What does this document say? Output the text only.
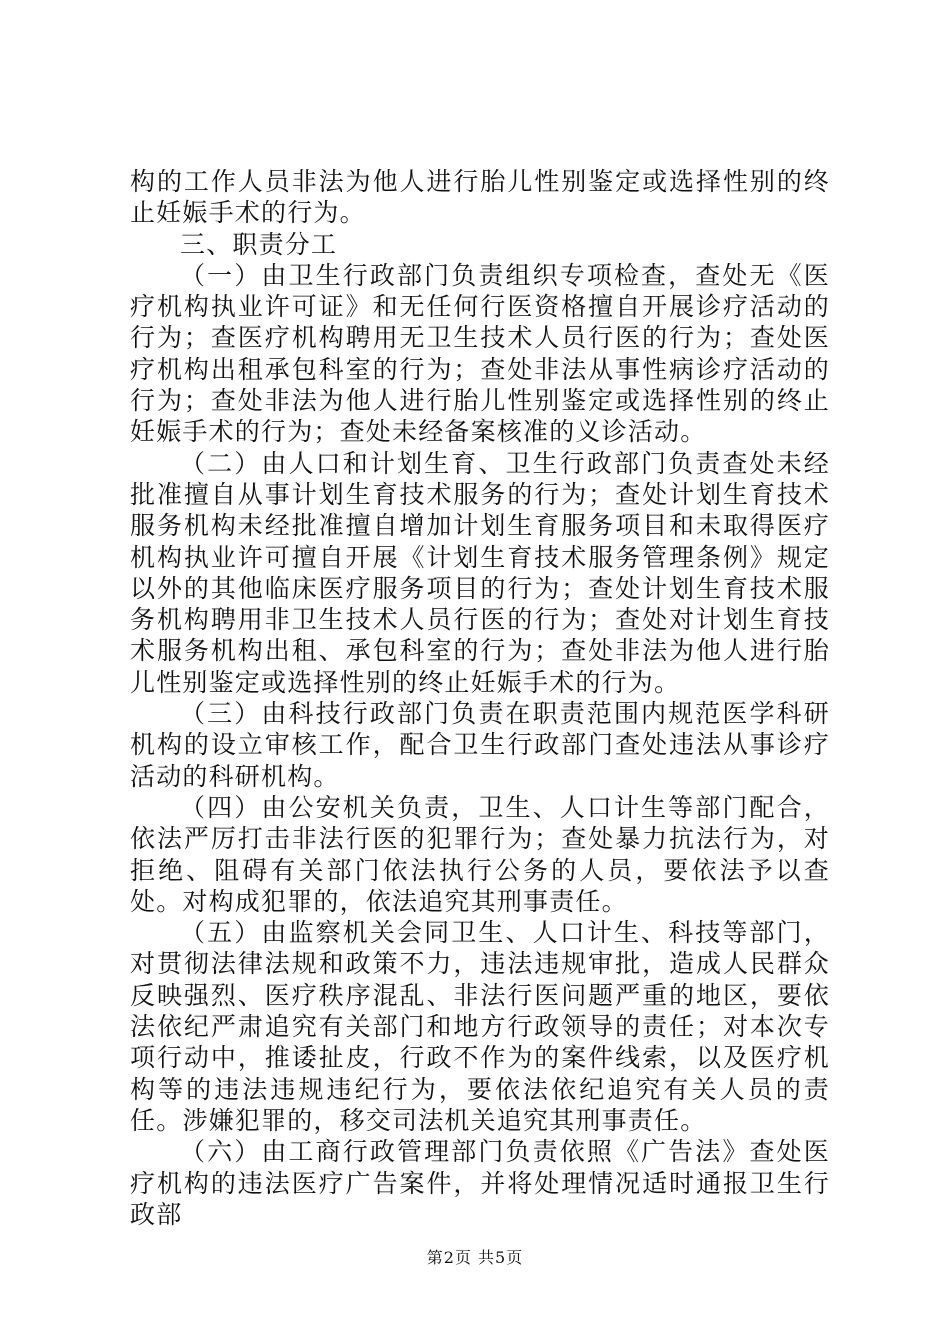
构的工作人员非法为他人进行胎儿性别鉴定或选择性别的终止妊娠手术的行为。

三、职责分工

（一）由卫生行政部门负责组织专项检查，查处无《医疗机构执业许可证》和无任何行医资格擅自开展诊疗活动的行为；查医疗机构聘用无卫生技术人员行医的行为；查处医疗机构出租承包科室的行为；查处非法从事性病诊疗活动的行为；查处非法为他人进行胎儿性别鉴定或选择性别的终止妊娠手术的行为；查处未经备案核准的义诊活动。

（二）由人口和计划生育、卫生行政部门负责查处未经批准擅自从事计划生育技术服务的行为；查处计划生育技术服务机构未经批准擅自增加计划生育服务项目和未取得医疗机构执业许可擅自开展《计划生育技术服务管理条例》规定以外的其他临床医疗服务项目的行为；查处计划生育技术服务机构聘用非卫生技术人员行医的行为；查处对计划生育技术服务机构出租、承包科室的行为；查处非法为他人进行胎儿性别鉴定或选择性别的终止妊娠手术的行为。

（三）由科技行政部门负责在职责范围内规范医学科研机构的设立审核工作，配合卫生行政部门查处违法从事诊疗活动的科研机构。

（四）由公安机关负责，卫生、人口计生等部门配合，依法严厉打击非法行医的犯罪行为；查处暴力抗法行为，对拒绝、阻碍有关部门依法执行公务的人员，要依法予以查处。对构成犯罪的，依法追究其刑事责任。

（五）由监察机关会同卫生、人口计生、科技等部门，对贯彻法律法规和政策不力，违法违规审批，造成人民群众反映强烈、医疗秩序混乱、非法行医问题严重的地区，要依法依纪严肃追究有关部门和地方行政领导的责任；对本次专项行动中，推诿扯皮，行政不作为的案件线索，以及医疗机构等的违法违规违纪行为，要依法依纪追究有关人员的责任。涉嫌犯罪的，移交司法机关追究其刑事责任。

（六）由工商行政管理部门负责依照《广告法》查处医疗机构的违法医疗广告案件，并将处理情况适时通报卫生行政部

第2页 共5页
